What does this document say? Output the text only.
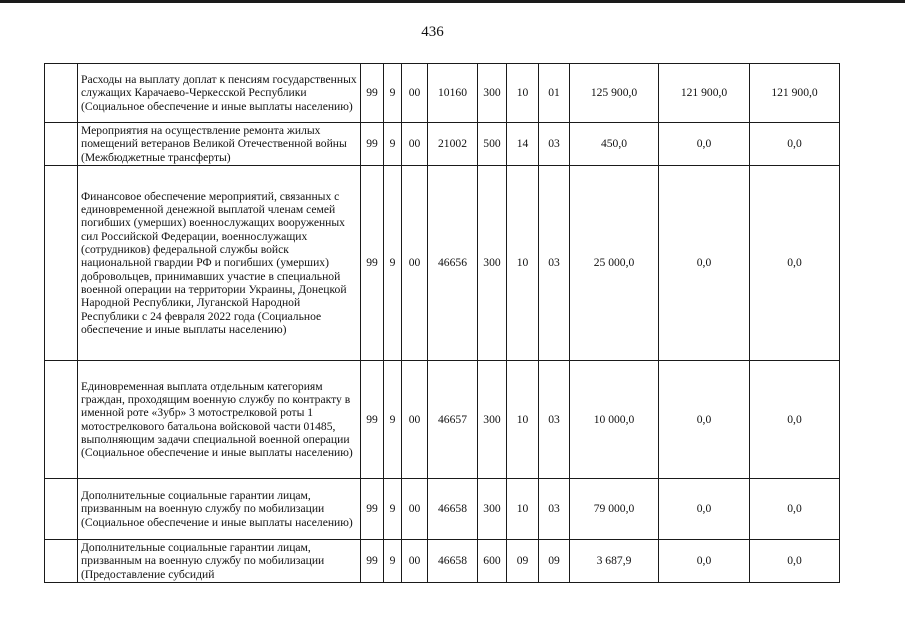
436

	Расходы на выплату доплат к пенсиям государственных служащих Карачаево-Черкесской Республики (Социальное обеспечение и иные выплаты населению)	99	9	00	10160	300	10	01	125 900,0	121 900,0	121 900,0

	Мероприятия на осуществление ремонта жилых помещений ветеранов Великой Отечественной войны (Межбюджетные трансферты)	99	9	00	21002	500	14	03	450,0	0,0	0,0

	Финансовое обеспечение мероприятий, связанных с единовременной денежной выплатой членам семей погибших (умерших) военнослужащих вооруженных сил Российской Федерации, военнослужащих (сотрудников) федеральной службы войск национальной гвардии РФ и погибших (умерших) добровольцев, принимавших участие в специальной военной операции на территории Украины, Донецкой Народной Республики, Луганской Народной Республики с 24 февраля 2022 года (Социальное обеспечение и иные выплаты населению)	99	9	00	46656	300	10	03	25 000,0	0,0	0,0

	Единовременная выплата отдельным категориям граждан, проходящим военную службу по контракту в именной роте «Зубр» 3 мотострелковой роты 1 мотострелкового батальона войсковой части 01485, выполняющим задачи специальной военной операции (Социальное обеспечение и иные выплаты населению)	99	9	00	46657	300	10	03	10 000,0	0,0	0,0

	Дополнительные социальные гарантии лицам, призванным на военную службу по мобилизации (Социальное обеспечение и иные выплаты населению)	99	9	00	46658	300	10	03	79 000,0	0,0	0,0

	Дополнительные социальные гарантии лицам, призванным на военную службу по мобилизации (Предоставление субсидий	99	9	00	46658	600	09	09	3 687,9	0,0	0,0
